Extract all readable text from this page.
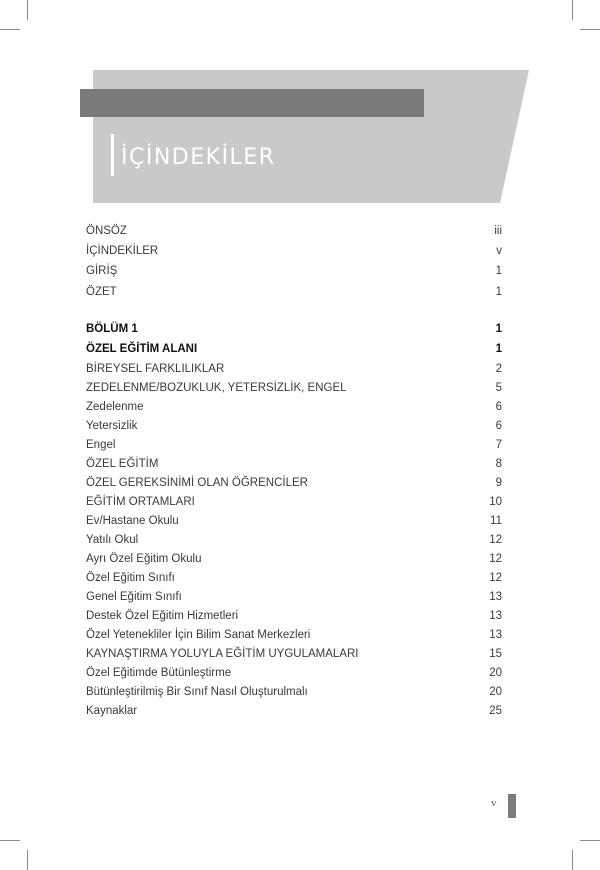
İÇİNDEKİLER
ÖNSÖZ	iii
İÇİNDEKİLER	v
GİRİŞ	1
ÖZET	1
BÖLÜM 1	1
ÖZEL EĞİTİM ALANI	1
BİREYSEL FARKLILIKLAR	2
ZEDELENME/BOZUKLUK, YETERSİZLİK, ENGEL	5
Zedelenme	6
Yetersizlik	6
Engel	7
ÖZEL EĞİTİM	8
ÖZEL GEREKSİNİMİ OLAN ÖĞRENCİLER	9
EĞİTİM ORTAMLARI	10
Ev/Hastane Okulu	11
Yatılı Okul	12
Ayrı Özel Eğitim Okulu	12
Özel Eğitim Sınıfı	12
Genel Eğitim Sınıfı	13
Destek Özel Eğitim Hizmetleri	13
Özel Yetenekliler İçin Bilim Sanat Merkezleri	13
KAYNAŞTIRMA YOLUYLA EĞİTİM UYGULAMALARI	15
Özel Eğitimde Bütünleştirme	20
Bütünleştirilmiş Bir Sınıf Nasıl Oluşturulmalı	20
Kaynaklar	25
v
